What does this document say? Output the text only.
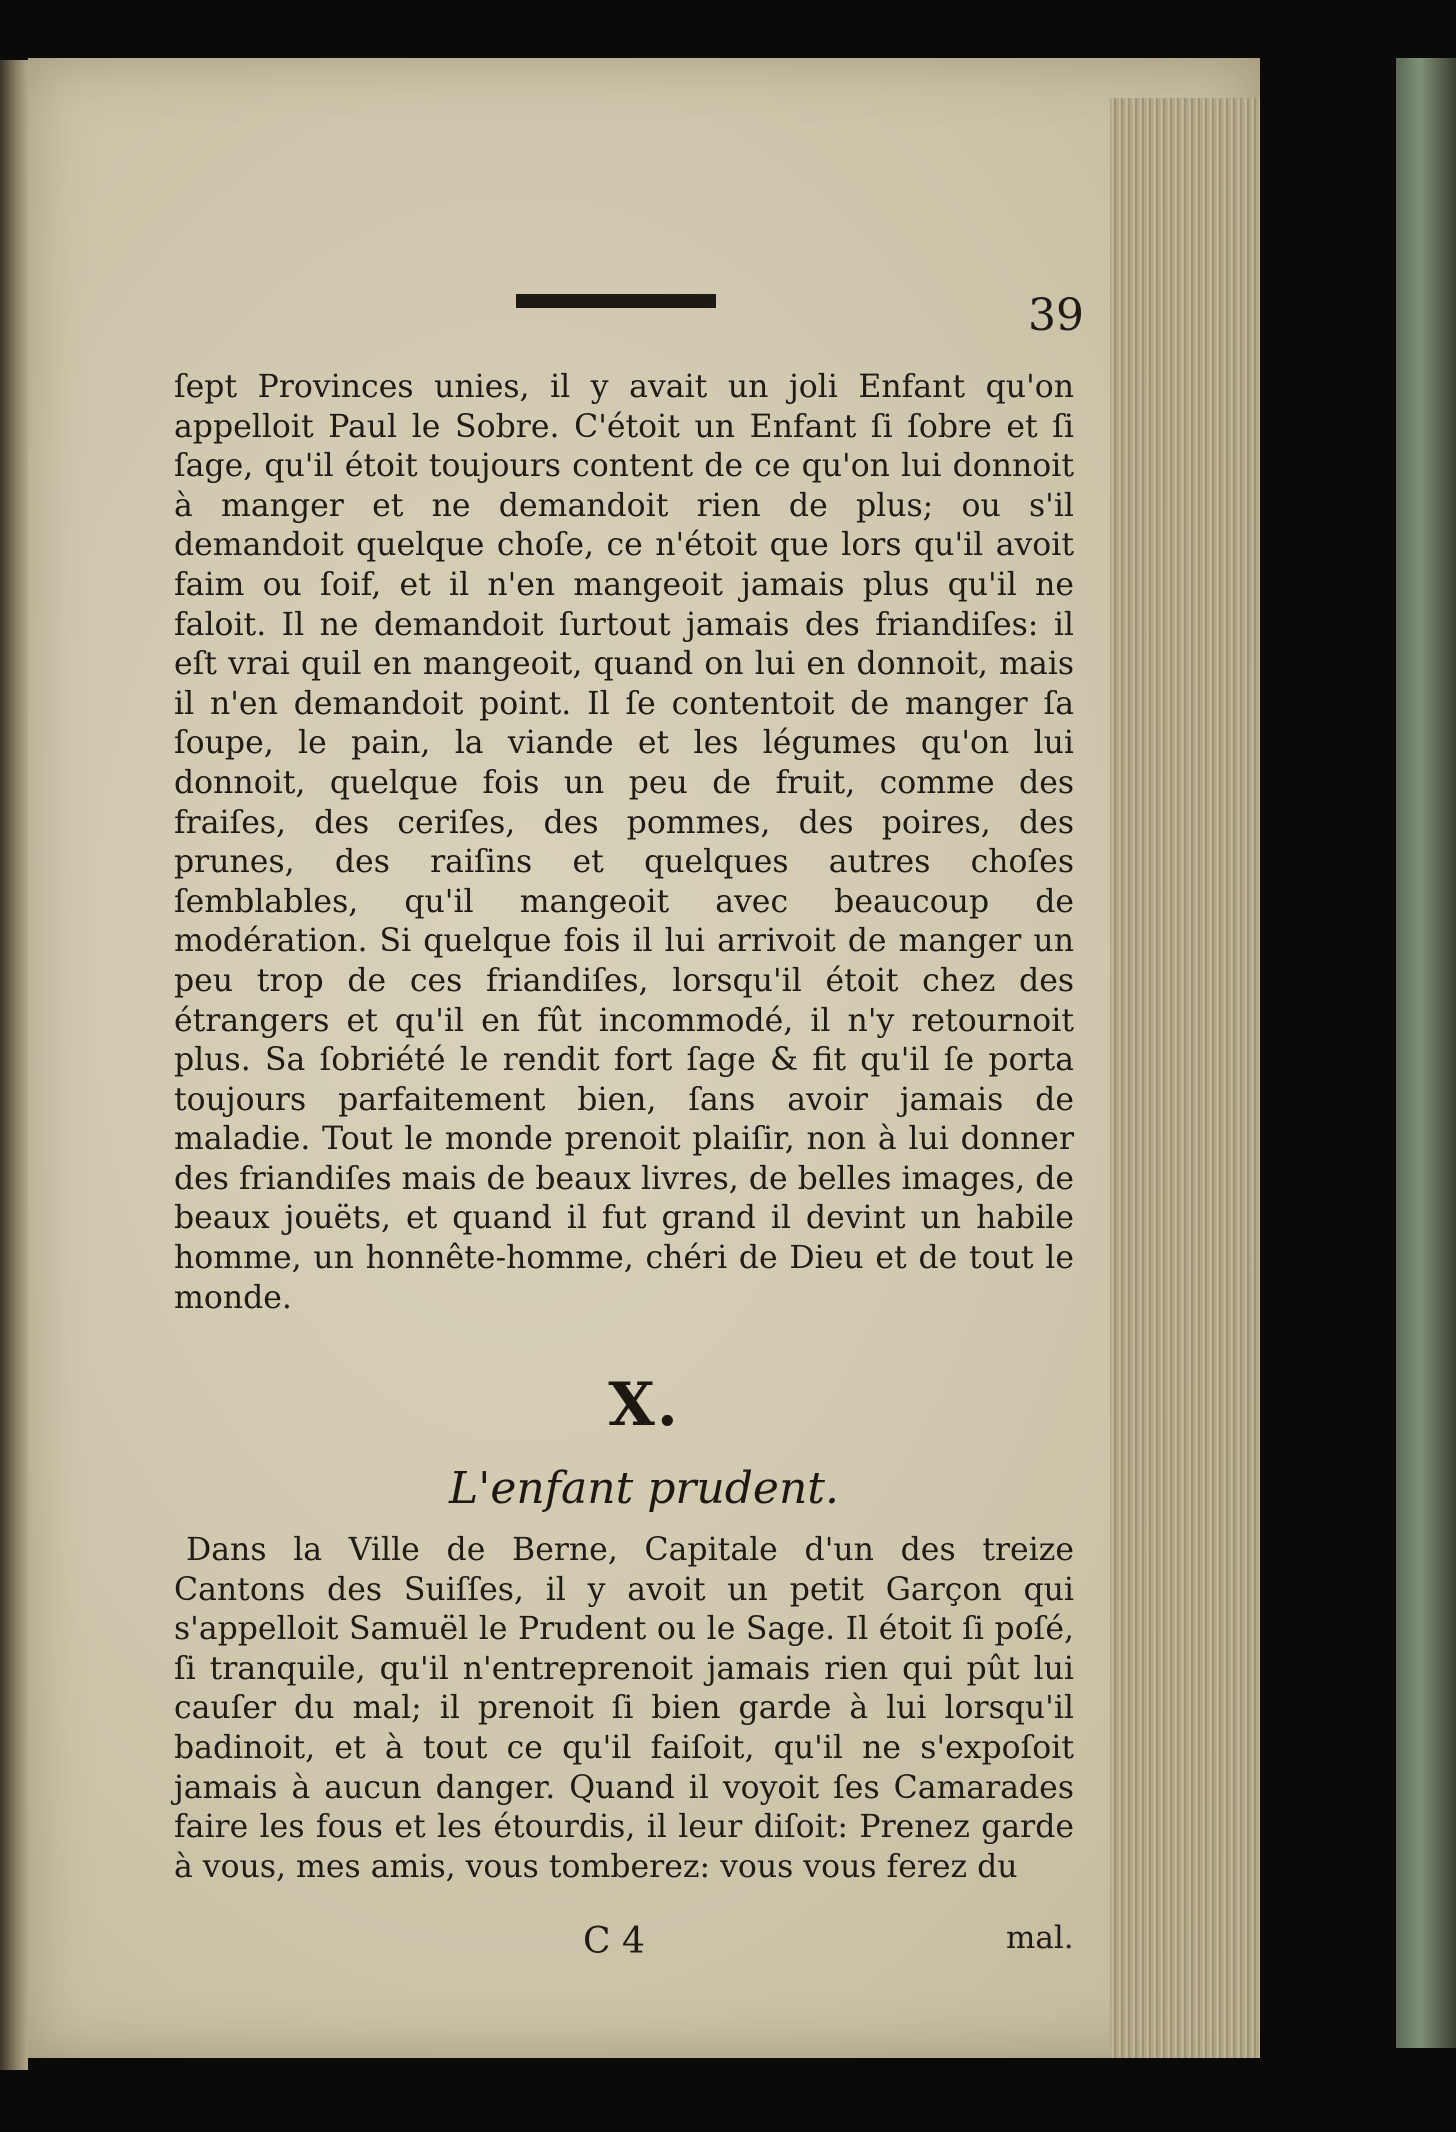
39
ſept Provinces unies, il y avait un joli Enfant qu'on appelloit Paul le Sobre. C'étoit un Enfant ſi ſobre et ſi ſage, qu'il étoit toujours content de ce qu'on lui donnoit à manger et ne demandoit rien de plus; ou s'il demandoit quelque choſe, ce n'étoit que lors qu'il avoit faim ou ſoif, et il n'en mangeoit jamais plus qu'il ne faloit. Il ne demandoit ſurtout jamais des friandiſes: il eſt vrai quil en mangeoit, quand on lui en donnoit, mais il n'en demandoit point. Il ſe contentoit de manger ſa ſoupe, le pain, la viande et les légumes qu'on lui donnoit, quelque fois un peu de fruit, comme des fraiſes, des ceriſes, des pommes, des poires, des prunes, des raiſins et quelques autres choſes ſemblables, qu'il mangeoit avec beaucoup de modération. Si quelque fois il lui arrivoit de manger un peu trop de ces friandiſes, lorsqu'il étoit chez des étrangers et qu'il en fût incommodé, il n'y retournoit plus. Sa ſobriété le rendit fort ſage & fit qu'il ſe porta toujours parfaitement bien, ſans avoir jamais de maladie. Tout le monde prenoit plaiſir, non à lui donner des friandiſes mais de beaux livres, de belles images, de beaux jouëts, et quand il fut grand il devint un habile homme, un honnête-homme, chéri de Dieu et de tout le monde.
X.
L'enfant prudent.
Dans la Ville de Berne, Capitale d'un des treize Cantons des Suiſſes, il y avoit un petit Garçon qui s'appelloit Samuël le Prudent ou le Sage. Il étoit ſi poſé, ſi tranquile, qu'il n'entreprenoit jamais rien qui pût lui cauſer du mal; il prenoit ſi bien garde à lui lorsqu'il badinoit, et à tout ce qu'il faiſoit, qu'il ne s'expoſoit jamais à aucun danger. Quand il voyoit ſes Camarades faire les fous et les étourdis, il leur diſoit: Prenez garde à vous, mes amis, vous tomberez: vous vous ferez du
C 4	mal.
